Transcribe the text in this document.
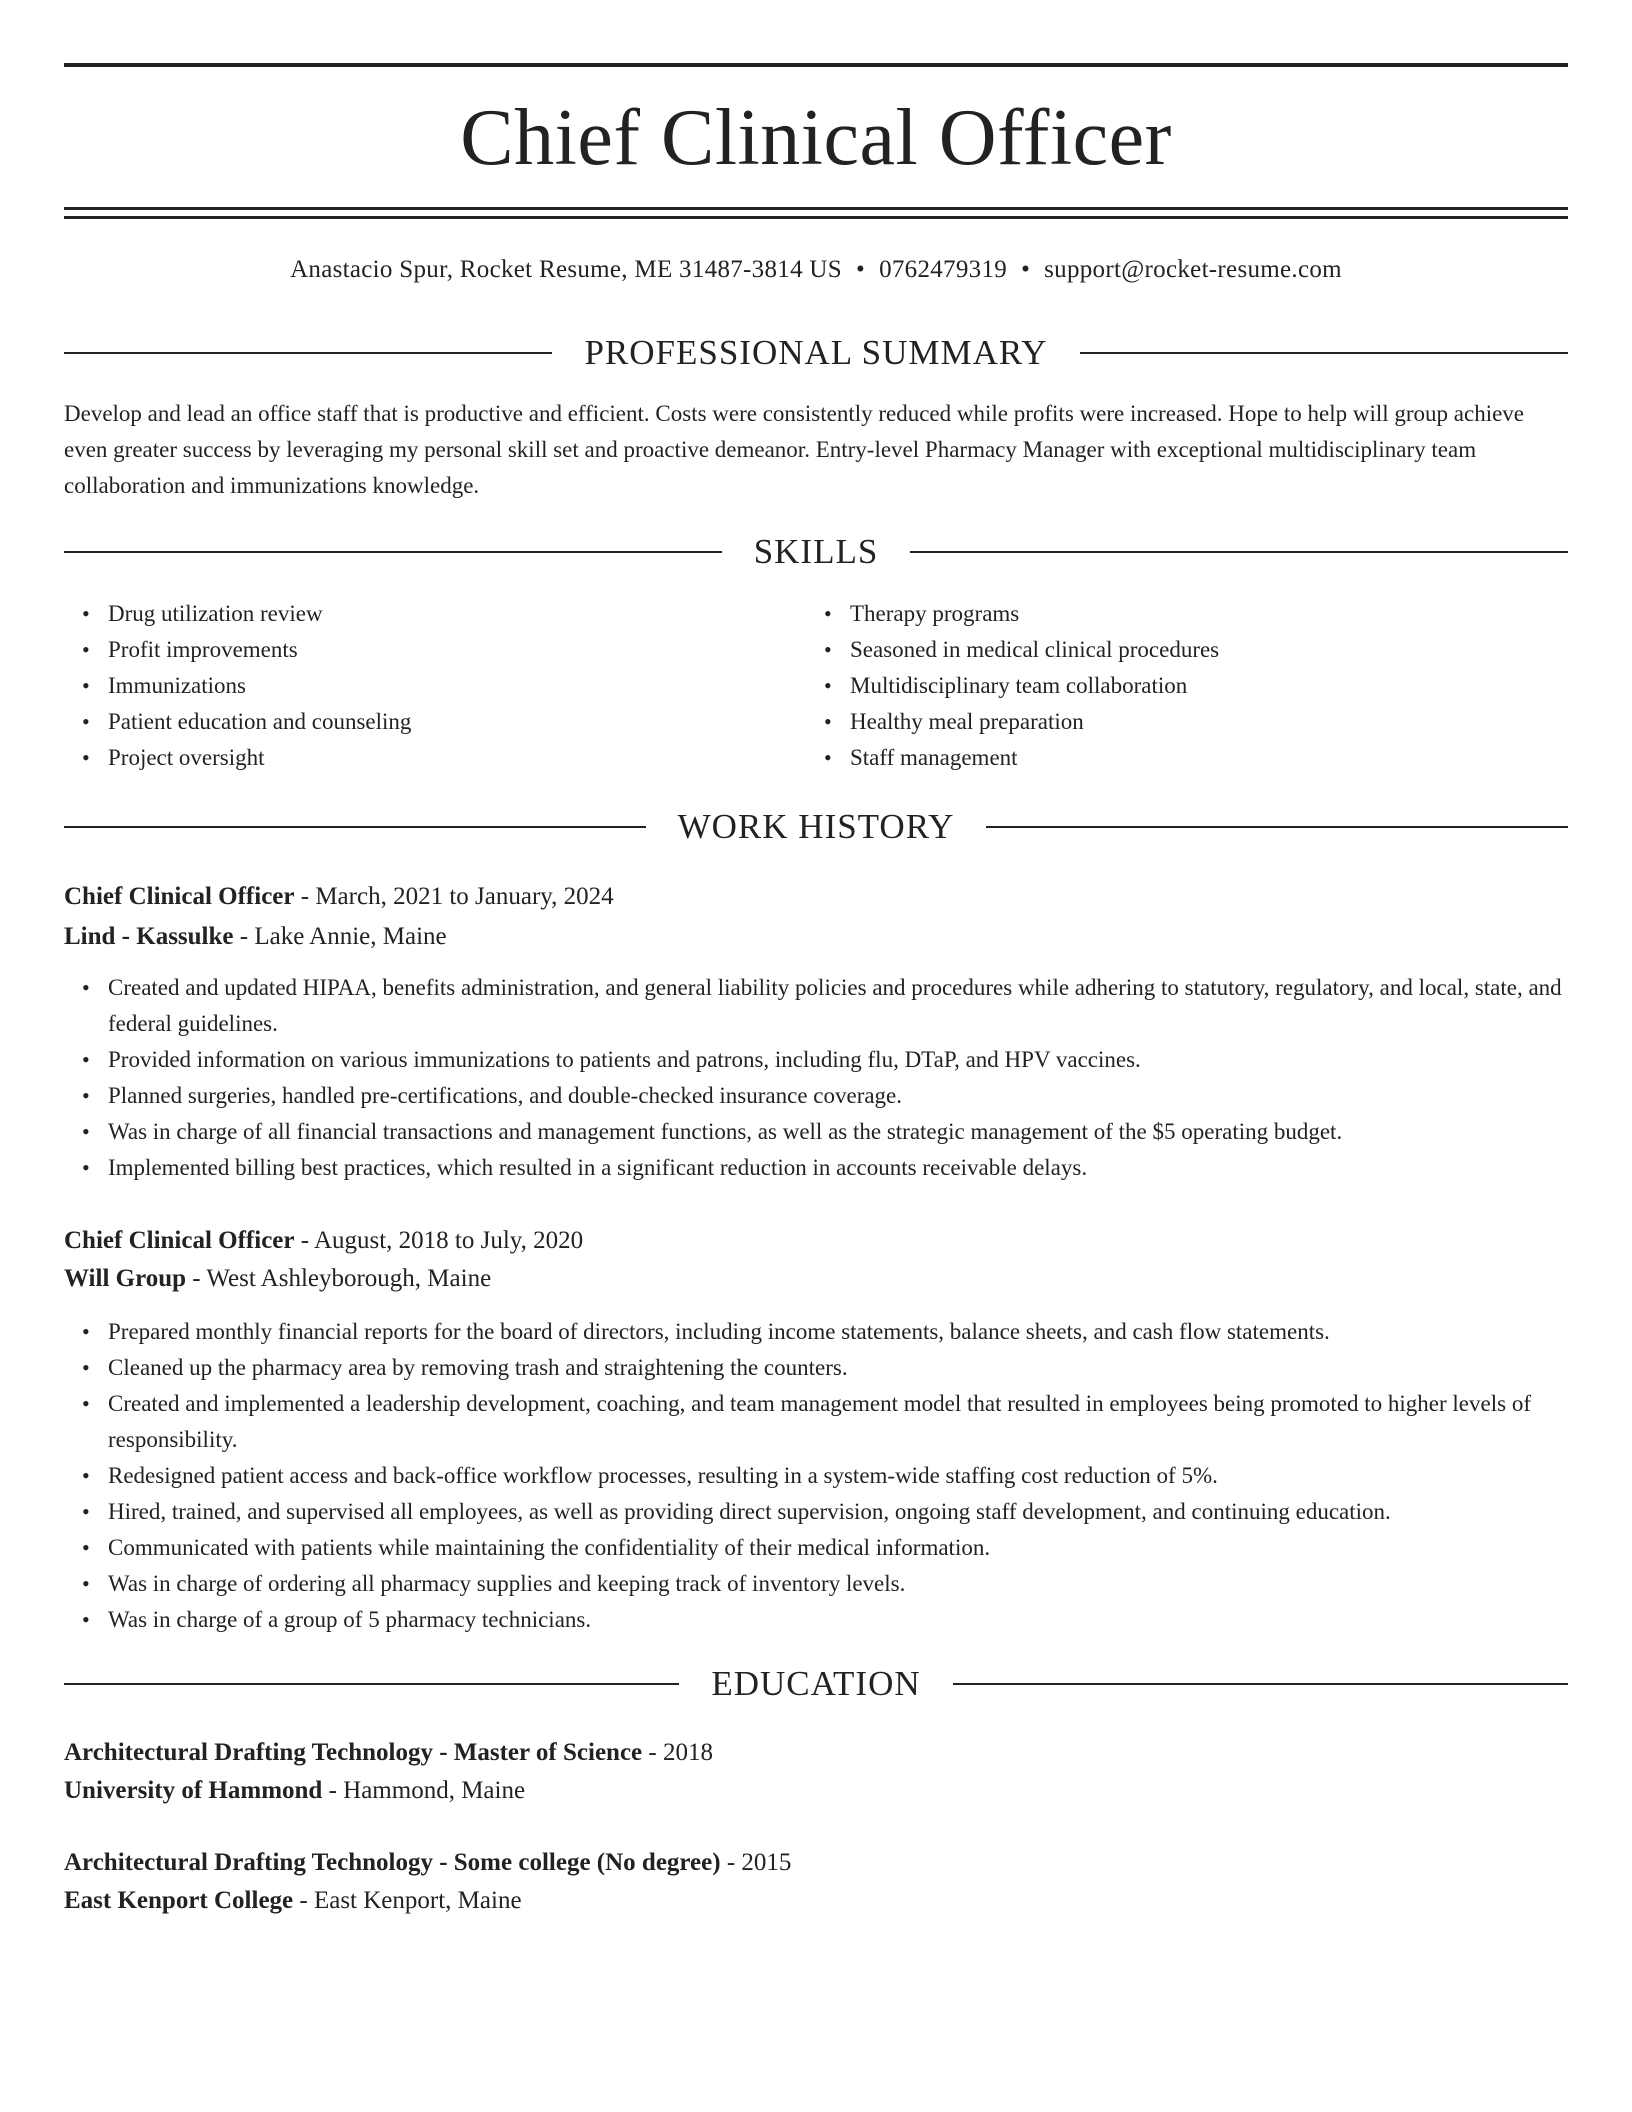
Chief Clinical Officer
Anastacio Spur, Rocket Resume, ME 31487-3814 US • 0762479319 • support@rocket-resume.com
PROFESSIONAL SUMMARY

Develop and lead an office staff that is productive and efficient. Costs were consistently reduced while profits were increased. Hope to help will group achieve even greater success by leveraging my personal skill set and proactive demeanor. Entry-level Pharmacy Manager with exceptional multidisciplinary team collaboration and immunizations knowledge.

SKILLS
• Drug utilization review
• Profit improvements
• Immunizations
• Patient education and counseling
• Project oversight
• Therapy programs
• Seasoned in medical clinical procedures
• Multidisciplinary team collaboration
• Healthy meal preparation
• Staff management
WORK HISTORY
Chief Clinical Officer - March, 2021 to January, 2024
Lind - Kassulke - Lake Annie, Maine
• Created and updated HIPAA, benefits administration, and general liability policies and procedures while adhering to statutory, regulatory, and local, state, and federal guidelines.
• Provided information on various immunizations to patients and patrons, including flu, DTaP, and HPV vaccines.
• Planned surgeries, handled pre-certifications, and double-checked insurance coverage.
• Was in charge of all financial transactions and management functions, as well as the strategic management of the $5 operating budget.
• Implemented billing best practices, which resulted in a significant reduction in accounts receivable delays.
Chief Clinical Officer - August, 2018 to July, 2020
Will Group - West Ashleyborough, Maine
• Prepared monthly financial reports for the board of directors, including income statements, balance sheets, and cash flow statements.
• Cleaned up the pharmacy area by removing trash and straightening the counters.
• Created and implemented a leadership development, coaching, and team management model that resulted in employees being promoted to higher levels of responsibility.
• Redesigned patient access and back-office workflow processes, resulting in a system-wide staffing cost reduction of 5%.
• Hired, trained, and supervised all employees, as well as providing direct supervision, ongoing staff development, and continuing education.
• Communicated with patients while maintaining the confidentiality of their medical information.
• Was in charge of ordering all pharmacy supplies and keeping track of inventory levels.
• Was in charge of a group of 5 pharmacy technicians.
EDUCATION
Architectural Drafting Technology - Master of Science - 2018
University of Hammond - Hammond, Maine
Architectural Drafting Technology - Some college (No degree) - 2015
East Kenport College - East Kenport, Maine
